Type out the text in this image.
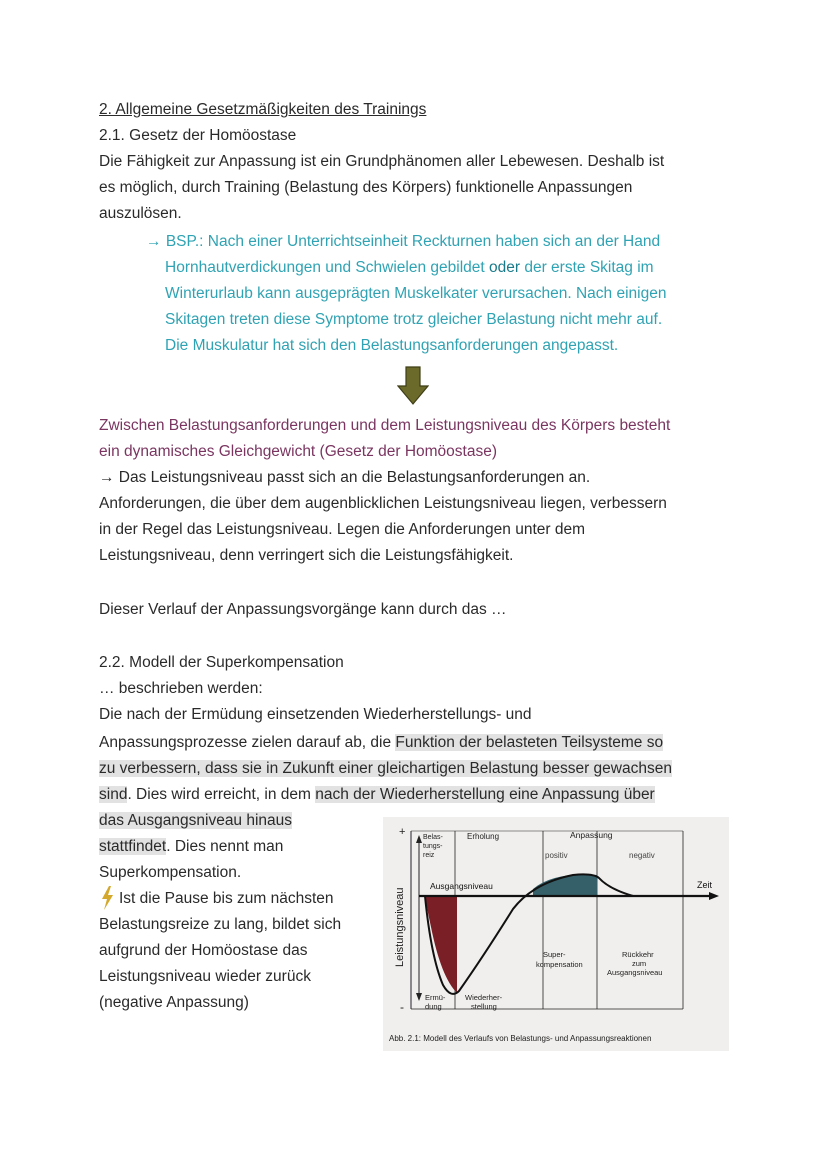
2. Allgemeine Gesetzmäßigkeiten des Trainings
2.1. Gesetz der Homöostase
Die Fähigkeit zur Anpassung ist ein Grundphänomen aller Lebewesen. Deshalb ist
es möglich, durch Training (Belastung des Körpers) funktionelle Anpassungen
auszulösen.
→ BSP.: Nach einer Unterrichtseinheit Reckturnen haben sich an der Hand
Hornhautverdickungen und Schwielen gebildet oder der erste Skitag im
Winterurlaub kann ausgeprägten Muskelkater verursachen. Nach einigen
Skitagen treten diese Symptome trotz gleicher Belastung nicht mehr auf.
Die Muskulatur hat sich den Belastungsanforderungen angepasst.
Zwischen Belastungsanforderungen und dem Leistungsniveau des Körpers besteht
ein dynamisches Gleichgewicht (Gesetz der Homöostase)
→ Das Leistungsniveau passt sich an die Belastungsanforderungen an.
Anforderungen, die über dem augenblicklichen Leistungsniveau liegen, verbessern
in der Regel das Leistungsniveau. Legen die Anforderungen unter dem
Leistungsniveau, denn verringert sich die Leistungsfähigkeit.
Dieser Verlauf der Anpassungsvorgänge kann durch das …
2.2. Modell der Superkompensation
… beschrieben werden:
Die nach der Ermüdung einsetzenden Wiederherstellungs- und
Anpassungsprozesse zielen darauf ab, die Funktion der belasteten Teilsysteme so
zu verbessern, dass sie in Zukunft einer gleichartigen Belastung besser gewachsen
sind. Dies wird erreicht, in dem nach der Wiederherstellung eine Anpassung über
das Ausgangsniveau hinaus
stattfindet. Dies nennt man
Superkompensation.
Ist die Pause bis zum nächsten
Belastungsreize zu lang, bildet sich
aufgrund der Homöostase das
Leistungsniveau wieder zurück
(negative Anpassung)
+
-
Leistungsniveau
Belas-
tungs-
reiz
Erholung	Anpassung
positiv	negativ
Ausgangsniveau	Zeit
Super-
kompensation
Rückkehr
zum
Ausgangsniveau
Ermü-
dung
Wiederher-
stellung
Abb. 2.1: Modell des Verlaufs von Belastungs- und Anpassungsreaktionen
